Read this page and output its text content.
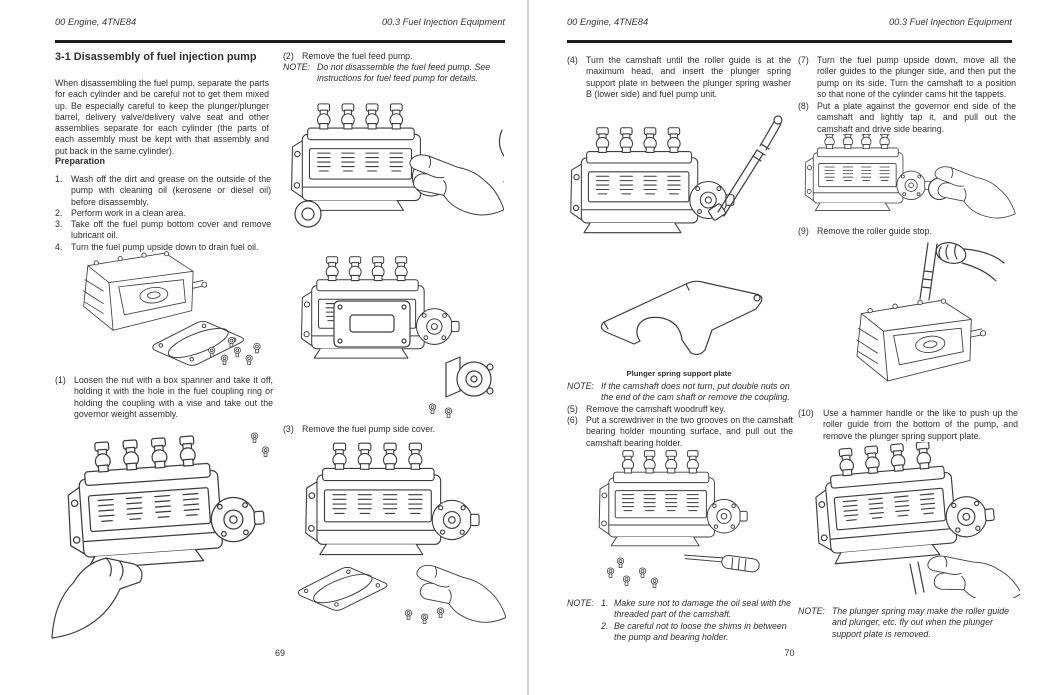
00 Engine, 4TNE84	00.3 Fuel Injection Equipment
3-1 Disassembly of fuel injection pump
When disassembling the fuel pump, separate the parts for each cylinder and be careful not to get them mixed up. Be especially careful to keep the plunger/plunger barrel, delivery valve/delivery valve seat and other assemblies separate for each cylinder (the parts of each assembly must be kept with that assembly and put back in the same cylinder).
Preparation
1. Wash off the dirt and grease on the outside of the pump with cleaning oil (kerosene or diesel oil) before disassembly.
2. Perform work in a clean area.
3. Take off the fuel pump bottom cover and remove lubricant oil.
4. Turn the fuel pump upside down to drain fuel oil.
(1) Loosen the nut with a box spanner and take it off, holding it with the hole in the fuel coupling ring or holding the coupling with a vise and take out the governor weight assembly.
69
(2) Remove the fuel feed pump.
NOTE: Do not disassemble the fuel feed pump. See instructions for fuel feed pump for details.
(3) Remove the fuel pump side cover.
00 Engine, 4TNE84	00.3 Fuel Injection Equipment
(4) Turn the camshaft until the roller guide is at the maximum head, and insert the plunger spring support plate in between the plunger spring washer B (lower side) and fuel pump unit.
Plunger spring support plate
NOTE: If the camshaft does not turn, put double nuts on the end of the cam shaft or remove the coupling.
(5) Remove the camshaft woodruff key.
(6) Put a screwdriver in the two grooves on the camshaft bearing holder mounting surface, and pull out the camshaft bearing holder.
NOTE: 1. Make sure not to damage the oil seal with the threaded part of the camshaft.
2. Be careful not to loose the shims in between the pump and bearing holder.
70
(7) Turn the fuel pump upside down, move all the roller guides to the plunger side, and then put the pump on its side. Turn the camshaft to a position so that none of the cylinder cams hit the tappets.
(8) Put a plate against the governor end side of the camshaft and lightly tap it, and pull out the camshaft and drive side bearing.
(9) Remove the roller guide stop.
(10)	Use a hammer handle or the like to push up the roller guide from the bottom of the pump, and remove the plunger spring support plate.
NOTE: The plunger spring may make the roller guide and plunger, etc. fly out when the plunger support plate is removed.
